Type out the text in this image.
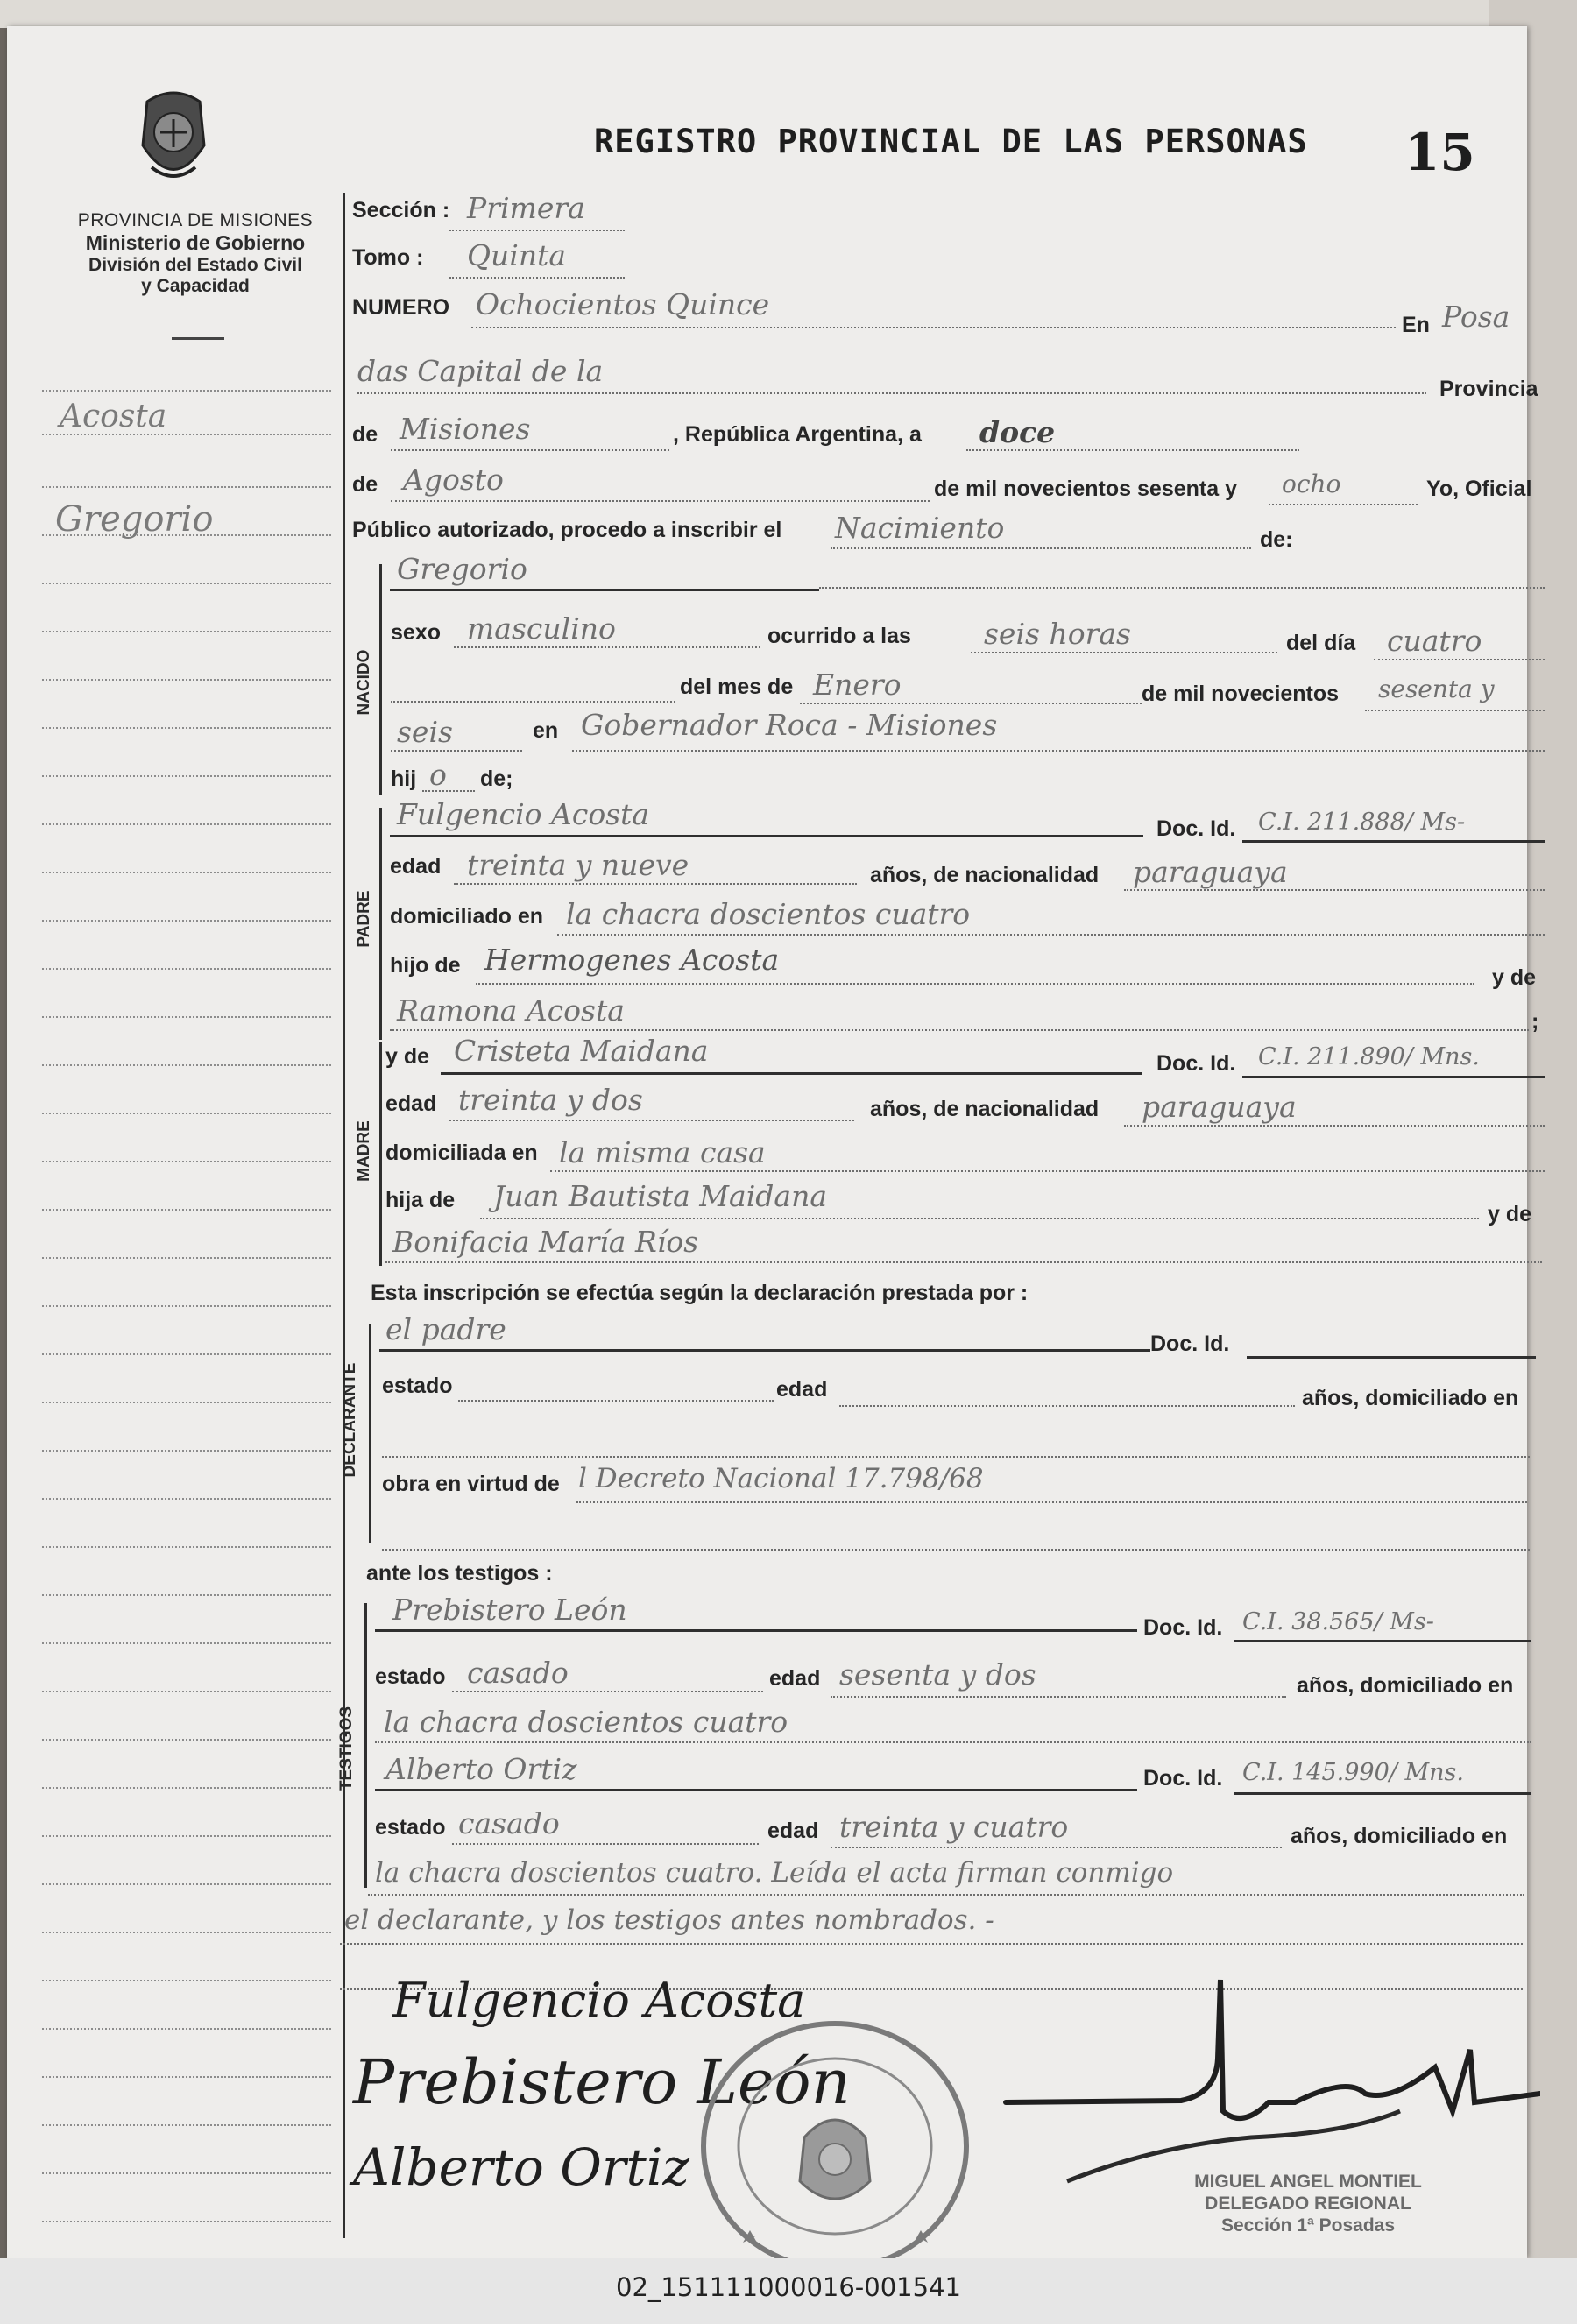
PROVINCIA DE MISIONES
Ministerio de Gobierno
División del Estado Civil
y Capacidad
REGISTRO PROVINCIAL DE LAS PERSONAS 15
Acosta
Gregorio
Sección : Primera
Tomo : Quinta
NUMERO Ochocientos Quince
En Posa
das Capital de la
Provincia
de Misiones	, República Argentina, a doce
de Agosto	de mil novecientos sesenta y ocho	Yo, Oficial
Público autorizado, procedo a inscribir el Nacimiento	de:
NACIDO
Gregorio
sexo masculino	ocurrido a las	seis horas	del día cuatro
del mes de Enero	de mil novecientos sesenta y
seis	en Gobernador Roca - Misiones
hij o de;
PADRE
Fulgencio Acosta	Doc. Id. C.I. 211.888/ Ms-
edad treinta y nueve	años, de nacionalidad paraguaya
domiciliado en la chacra doscientos cuatro
hijo de Hermogenes Acosta
y de
Ramona Acosta	;
MADRE
y de Cristeta Maidana	Doc. Id. C.I. 211.890/ Mns.
edad treinta y dos	años, de nacionalidad paraguaya
domiciliada en la misma casa
hija de Juan Bautista Maidana
y de
Bonifacia María Ríos
Esta inscripción se efectúa según la declaración prestada por :
DECLARANTE
el padre	Doc. Id.
estado	edad	años, domiciliado en
obra en virtud de l Decreto Nacional 17.798/68
ante los testigos :
TESTIGOS
Prebistero León
Doc. Id. C.I. 38.565/ Ms-
estado casado	edad sesenta y dos	años, domiciliado en
la chacra doscientos cuatro
Alberto Ortiz	Doc. Id. C.I. 145.990/ Mns.
estado casado	edad treinta y cuatro	años, domiciliado en
la chacra doscientos cuatro. Leída el acta firman conmigo
el declarante, y los testigos antes nombrados. -
Fulgencio Acosta
Prebistero León
Alberto Ortiz	MIGUEL ANGEL MONTIEL
DELEGADO REGIONAL
Sección 1ª Posadas
02_151111000016-001541
